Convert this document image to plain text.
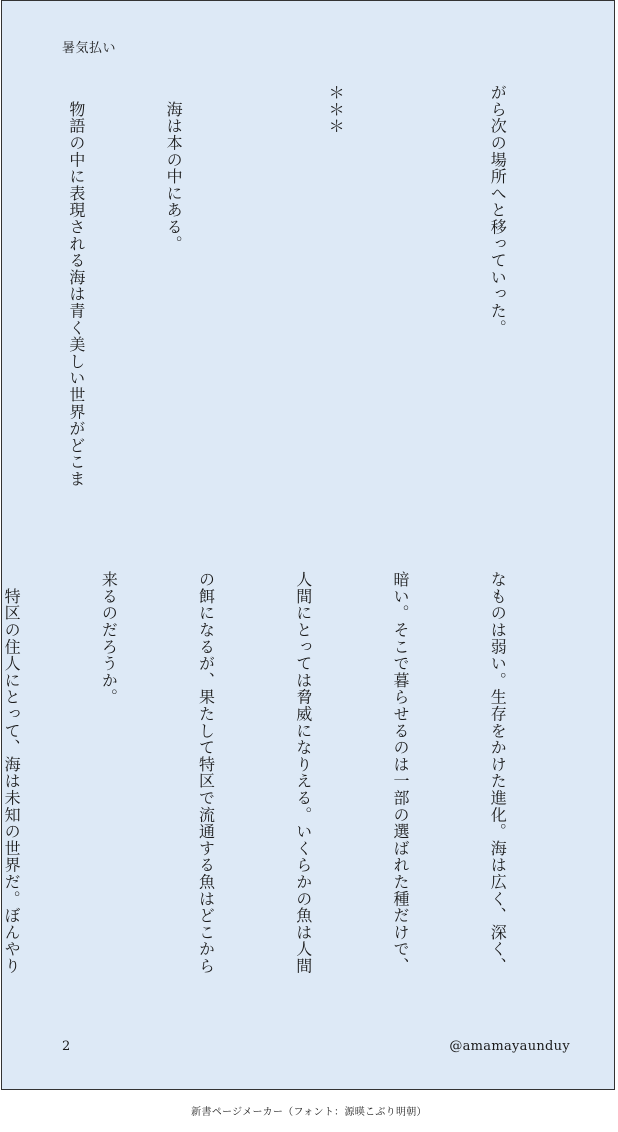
暑気払い

がら次の場所へと移っていった。

＊＊＊

　海は本の中にある。

　物語の中に表現される海は青く美しい世界がどこま

なものは弱い。生存をかけた進化。海は広く、深く、

暗い。そこで暮らせるのは一部の選ばれた種だけで、

人間にとっては脅威になりえる。いくらかの魚は人間

の餌になるが、果たして特区で流通する魚はどこから

来るのだろうか。

　特区の住人にとって、海は未知の世界だ。ぼんやり

2	@amamayaunduy
新書ページメーカー（フォント：源暎こぶり明朝）
